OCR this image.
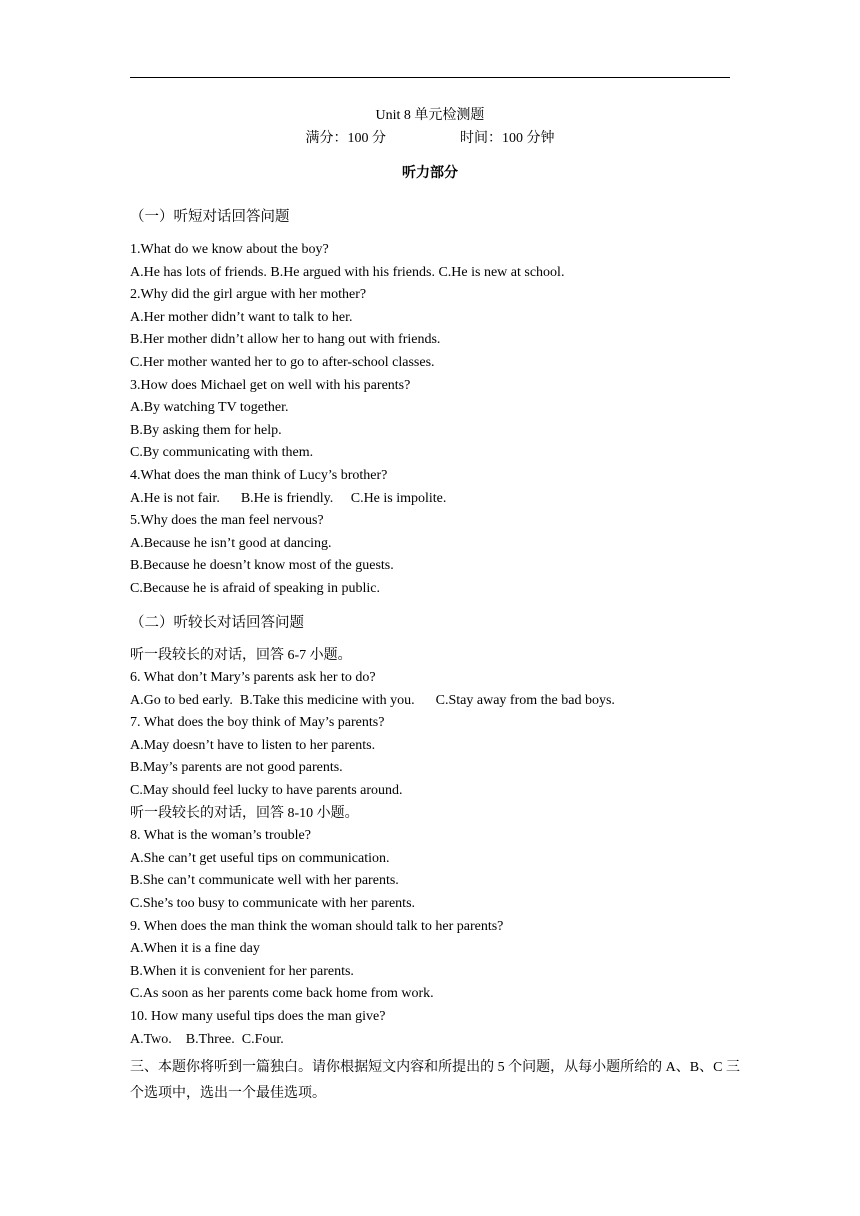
Unit 8 单元检测题
满分：100 分	时间：100 分钟
听力部分
（一）听短对话回答问题

1.What do we know about the boy?

A.He has lots of friends. B.He argued with his friends. C.He is new at school.

2.Why did the girl argue with her mother?

A.Her mother didn’t want to talk to her.

B.Her mother didn’t allow her to hang out with friends.

C.Her mother wanted her to go to after-school classes.

3.How does Michael get on well with his parents?

A.By watching TV together.

B.By asking them for help.

C.By communicating with them.

4.What does the man think of Lucy’s brother?

A.He is not fair.      B.He is friendly.     C.He is impolite.

5.Why does the man feel nervous?

A.Because he isn’t good at dancing.

B.Because he doesn’t know most of the guests.

C.Because he is afraid of speaking in public.

（二）听较长对话回答问题

听一段较长的对话，回答 6-7 小题。

6. What don’t Mary’s parents ask her to do?

A.Go to bed early.  B.Take this medicine with you.      C.Stay away from the bad boys.

7. What does the boy think of May’s parents?

A.May doesn’t have to listen to her parents.

B.May’s parents are not good parents.

C.May should feel lucky to have parents around.

听一段较长的对话，回答 8-10 小题。

8. What is the woman’s trouble?

A.She can’t get useful tips on communication.

B.She can’t communicate well with her parents.

C.She’s too busy to communicate with her parents.

9. When does the man think the woman should talk to her parents?

A.When it is a fine day

B.When it is convenient for her parents.

C.As soon as her parents come back home from work.

10. How many useful tips does the man give?

A.Two.    B.Three.  C.Four.

三、本题你将听到一篇独白。请你根据短文内容和所提出的 5 个问题，从每小题所给的 A、B、C 三个选项中，选出一个最佳选项。
